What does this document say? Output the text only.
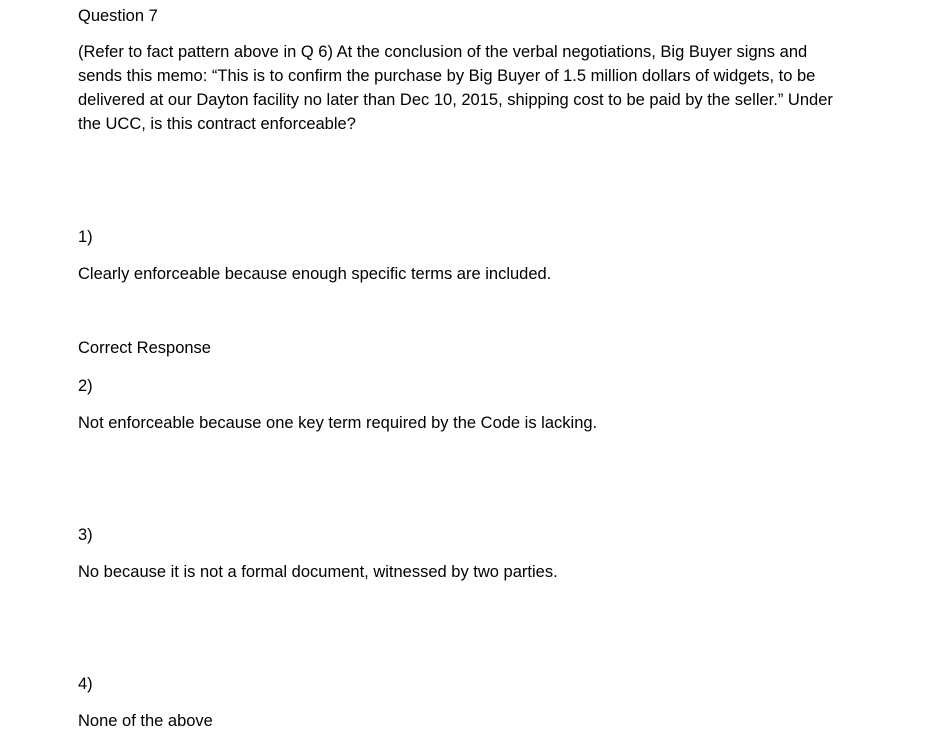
Question 7
(Refer to fact pattern above in Q 6) At the conclusion of the verbal negotiations, Big Buyer signs and
sends this memo: “This is to confirm the purchase by Big Buyer of 1.5 million dollars of widgets, to be
delivered at our Dayton facility no later than Dec 10, 2015, shipping cost to be paid by the seller.” Under
the UCC, is this contract enforceable?
1)
Clearly enforceable because enough specific terms are included.
Correct Response
2)
Not enforceable because one key term required by the Code is lacking.
3)
No because it is not a formal document, witnessed by two parties.
4)
None of the above
